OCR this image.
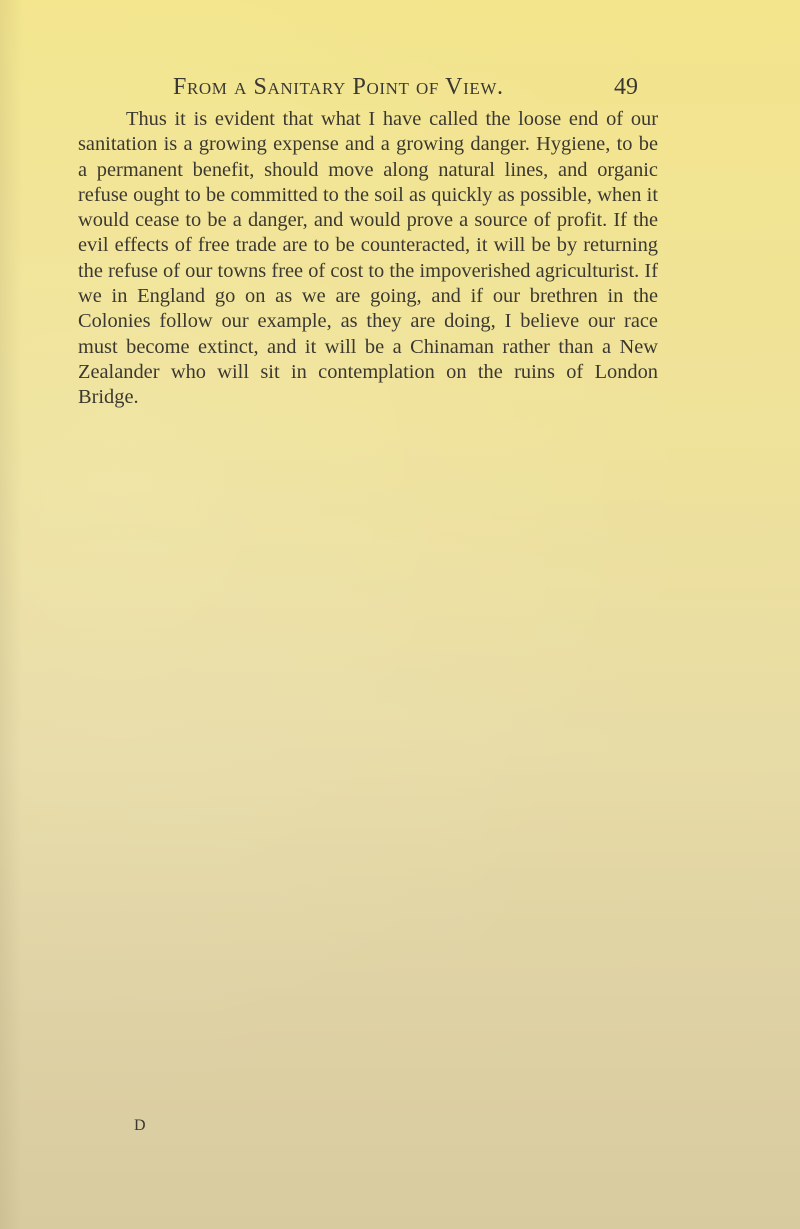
From a Sanitary Point of View.	49

Thus it is evident that what I have called the loose end of our sanitation is a growing expense and a growing danger. Hygiene, to be a permanent benefit, should move along natural lines, and organic refuse ought to be committed to the soil as quickly as possible, when it would cease to be a danger, and would prove a source of profit. If the evil effects of free trade are to be counteracted, it will be by returning the refuse of our towns free of cost to the impoverished agriculturist. If we in England go on as we are going, and if our brethren in the Colonies follow our example, as they are doing, I believe our race must become extinct, and it will be a Chinaman rather than a New Zealander who will sit in contemplation on the ruins of London Bridge.

D
